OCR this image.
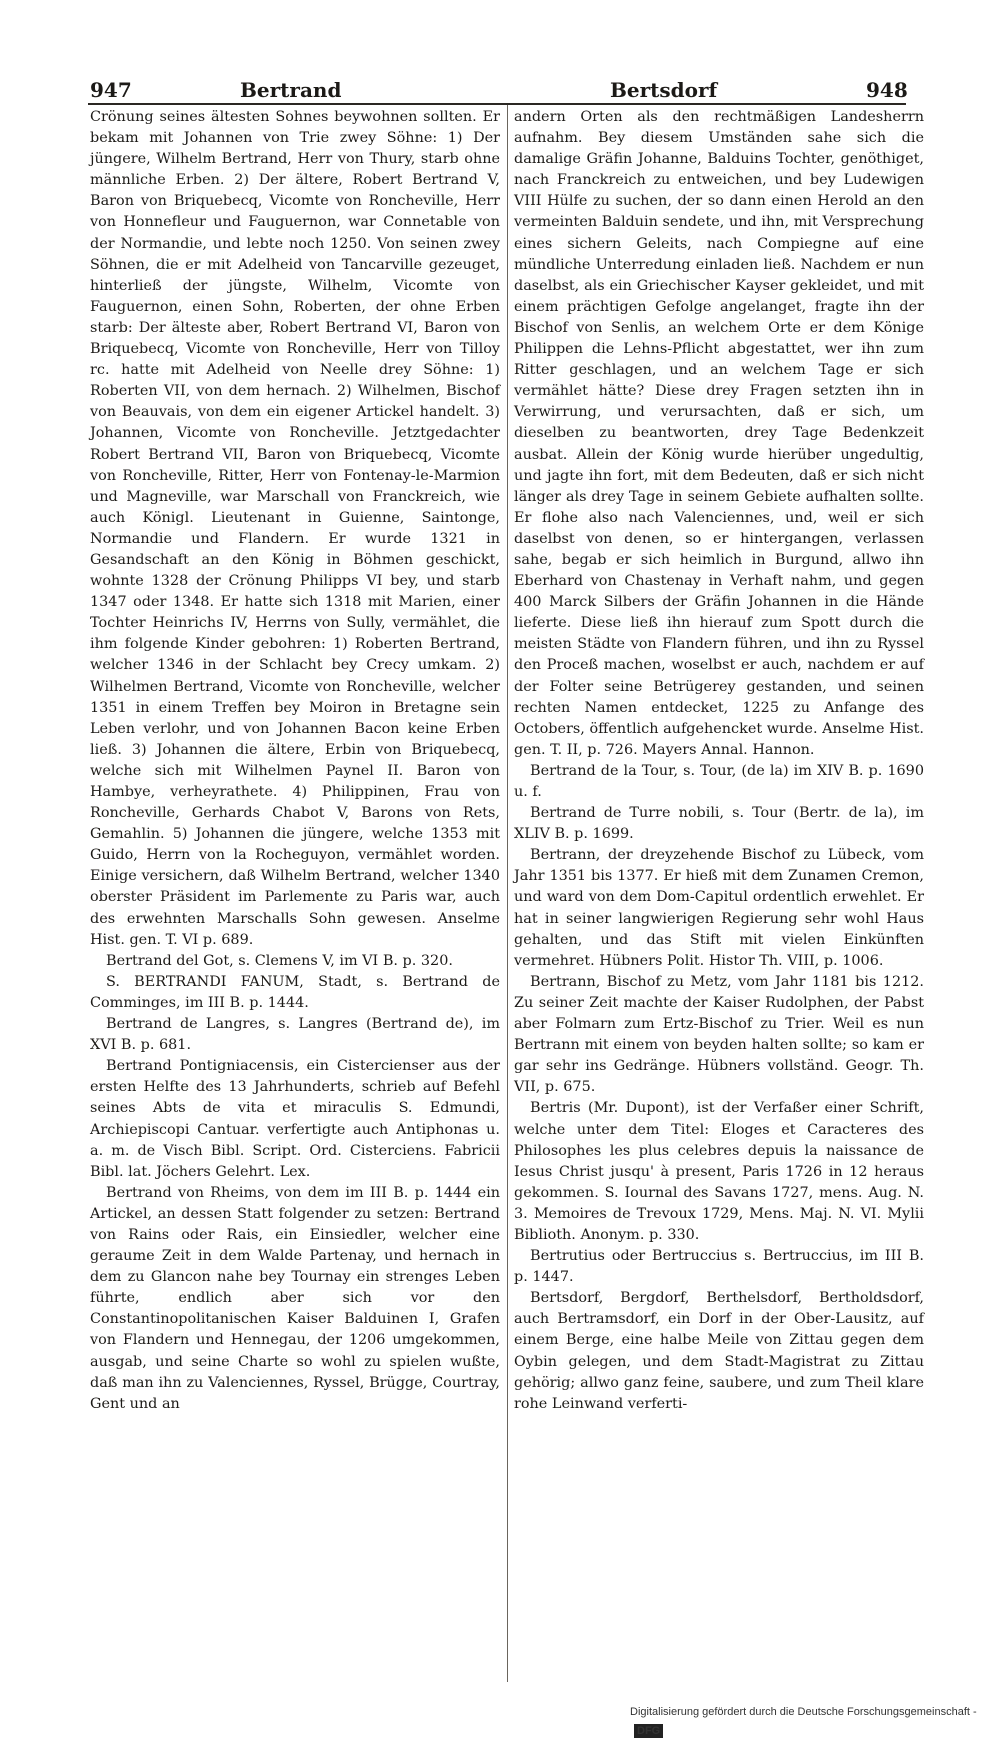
947	Bertrand	Bertsdorf	948

Crönung seines ältesten Sohnes beywohnen sollten. Er bekam mit Johannen von Trie zwey Söhne: 1) Der jüngere, Wilhelm Bertrand, Herr von Thury, starb ohne männliche Erben. 2) Der ältere, Robert Bertrand V, Baron von Briquebecq, Vicomte von Roncheville, Herr von Honnefleur und Fauguernon, war Connetable von der Normandie, und lebte noch 1250. Von seinen zwey Söhnen, die er mit Adelheid von Tancarville gezeuget, hinterließ der jüngste, Wilhelm, Vicomte von Fauguernon, einen Sohn, Roberten, der ohne Erben starb: Der älteste aber, Robert Bertrand VI, Baron von Briquebecq, Vicomte von Roncheville, Herr von Tilloy rc. hatte mit Adelheid von Neelle drey Söhne: 1) Roberten VII, von dem hernach. 2) Wilhelmen, Bischof von Beauvais, von dem ein eigener Artickel handelt. 3) Johannen, Vicomte von Roncheville. Jetztgedachter Robert Bertrand VII, Baron von Briquebecq, Vicomte von Roncheville, Ritter, Herr von Fontenay-le-Marmion und Magneville, war Marschall von Franckreich, wie auch Königl. Lieutenant in Guienne, Saintonge, Normandie und Flandern. Er wurde 1321 in Gesandschaft an den König in Böhmen geschickt, wohnte 1328 der Crönung Philipps VI bey, und starb 1347 oder 1348. Er hatte sich 1318 mit Marien, einer Tochter Heinrichs IV, Herrns von Sully, vermählet, die ihm folgende Kinder gebohren: 1) Roberten Bertrand, welcher 1346 in der Schlacht bey Crecy umkam. 2) Wilhelmen Bertrand, Vicomte von Roncheville, welcher 1351 in einem Treffen bey Moiron in Bretagne sein Leben verlohr, und von Johannen Bacon keine Erben ließ. 3) Johannen die ältere, Erbin von Briquebecq, welche sich mit Wilhelmen Paynel II. Baron von Hambye, verheyrathete. 4) Philippinen, Frau von Roncheville, Gerhards Chabot V, Barons von Rets, Gemahlin. 5) Johannen die jüngere, welche 1353 mit Guido, Herrn von la Rocheguyon, vermählet worden. Einige versichern, daß Wilhelm Bertrand, welcher 1340 oberster Präsident im Parlemente zu Paris war, auch des erwehnten Marschalls Sohn gewesen. Anselme Hist. gen. T. VI p. 689.

Bertrand del Got, s. Clemens V, im VI B. p. 320.

S. BERTRANDI FANUM, Stadt, s. Bertrand de Comminges, im III B. p. 1444.

Bertrand de Langres, s. Langres (Bertrand de), im XVI B. p. 681.

Bertrand Pontigniacensis, ein Cistercienser aus der ersten Helfte des 13 Jahrhunderts, schrieb auf Befehl seines Abts de vita et miraculis S. Edmundi, Archiepiscopi Cantuar. verfertigte auch Antiphonas u. a. m. de Visch Bibl. Script. Ord. Cisterciens. Fabricii Bibl. lat. Jöchers Gelehrt. Lex.

Bertrand von Rheims, von dem im III B. p. 1444 ein Artickel, an dessen Statt folgender zu setzen: Bertrand von Rains oder Rais, ein Einsiedler, welcher eine geraume Zeit in dem Walde Partenay, und hernach in dem zu Glancon nahe bey Tournay ein strenges Leben führte, endlich aber sich vor den Constantinopolitanischen Kaiser Balduinen I, Grafen von Flandern und Hennegau, der 1206 umgekommen, ausgab, und seine Charte so wohl zu spielen wußte, daß man ihn zu Valenciennes, Ryssel, Brügge, Courtray, Gent und an

andern Orten als den rechtmäßigen Landesherrn aufnahm. Bey diesem Umständen sahe sich die damalige Gräfin Johanne, Balduins Tochter, genöthiget, nach Franckreich zu entweichen, und bey Ludewigen VIII Hülfe zu suchen, der so dann einen Herold an den vermeinten Balduin sendete, und ihn, mit Versprechung eines sichern Geleits, nach Compiegne auf eine mündliche Unterredung einladen ließ. Nachdem er nun daselbst, als ein Griechischer Kayser gekleidet, und mit einem prächtigen Gefolge angelanget, fragte ihn der Bischof von Senlis, an welchem Orte er dem Könige Philippen die Lehns-Pflicht abgestattet, wer ihn zum Ritter geschlagen, und an welchem Tage er sich vermählet hätte? Diese drey Fragen setzten ihn in Verwirrung, und verursachten, daß er sich, um dieselben zu beantworten, drey Tage Bedenkzeit ausbat. Allein der König wurde hierüber ungedultig, und jagte ihn fort, mit dem Bedeuten, daß er sich nicht länger als drey Tage in seinem Gebiete aufhalten sollte. Er flohe also nach Valenciennes, und, weil er sich daselbst von denen, so er hintergangen, verlassen sahe, begab er sich heimlich in Burgund, allwo ihn Eberhard von Chastenay in Verhaft nahm, und gegen 400 Marck Silbers der Gräfin Johannen in die Hände lieferte. Diese ließ ihn hierauf zum Spott durch die meisten Städte von Flandern führen, und ihn zu Ryssel den Proceß machen, woselbst er auch, nachdem er auf der Folter seine Betrügerey gestanden, und seinen rechten Namen entdecket, 1225 zu Anfange des Octobers, öffentlich aufgehencket wurde. Anselme Hist. gen. T. II, p. 726. Mayers Annal. Hannon.

Bertrand de la Tour, s. Tour, (de la) im XIV B. p. 1690 u. f.

Bertrand de Turre nobili, s. Tour (Bertr. de la), im XLIV B. p. 1699.

Bertrann, der dreyzehende Bischof zu Lübeck, vom Jahr 1351 bis 1377. Er hieß mit dem Zunamen Cremon, und ward von dem Dom-Capitul ordentlich erwehlet. Er hat in seiner langwierigen Regierung sehr wohl Haus gehalten, und das Stift mit vielen Einkünften vermehret. Hübners Polit. Histor Th. VIII, p. 1006.

Bertrann, Bischof zu Metz, vom Jahr 1181 bis 1212. Zu seiner Zeit machte der Kaiser Rudolphen, der Pabst aber Folmarn zum Ertz-Bischof zu Trier. Weil es nun Bertrann mit einem von beyden halten sollte; so kam er gar sehr ins Gedränge. Hübners vollständ. Geogr. Th. VII, p. 675.

Bertris (Mr. Dupont), ist der Verfaßer einer Schrift, welche unter dem Titel: Eloges et Caracteres des Philosophes les plus celebres depuis la naissance de Iesus Christ jusqu' à present, Paris 1726 in 12 heraus gekommen. S. Iournal des Savans 1727, mens. Aug. N. 3. Memoires de Trevoux 1729, Mens. Maj. N. VI. Mylii Biblioth. Anonym. p. 330.

Bertrutius oder Bertruccius s. Bertruccius, im III B. p. 1447.

Bertsdorf, Bergdorf, Berthelsdorf, Bertholdsdorf, auch Bertramsdorf, ein Dorf in der Ober-Lausitz, auf einem Berge, eine halbe Meile von Zittau gegen dem Oybin gelegen, und dem Stadt-Magistrat zu Zittau gehörig; allwo ganz feine, saubere, und zum Theil klare rohe Leinwand verferti-

Digitalisierung gefördert durch die Deutsche Forschungsgemeinschaft - DFG
